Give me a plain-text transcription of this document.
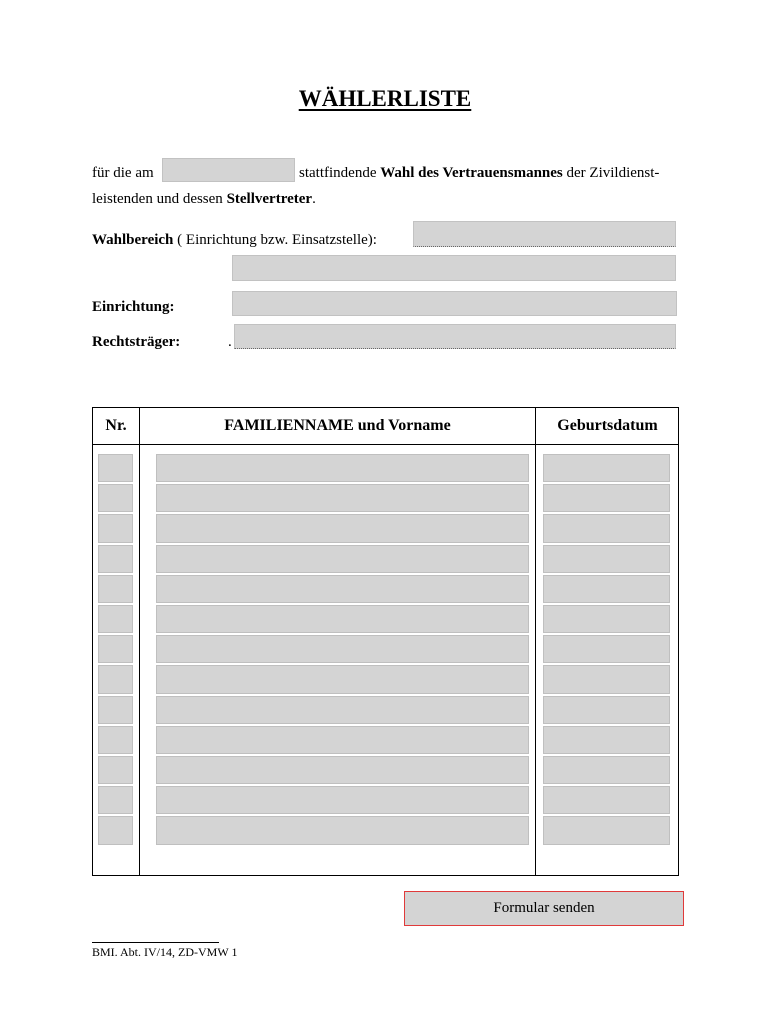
WÄHLERLISTE
für die am	stattfindende Wahl des Vertrauensmannes der Zivildienst-
leistenden und dessen Stellvertreter.
Wahlbereich ( Einrichtung bzw. Einsatzstelle):
Einrichtung:
Rechtsträger:	.
Nr.	FAMILIENNAME und Vorname	Geburtsdatum
Formular senden
BMI. Abt. IV/14, ZD-VMW 1
